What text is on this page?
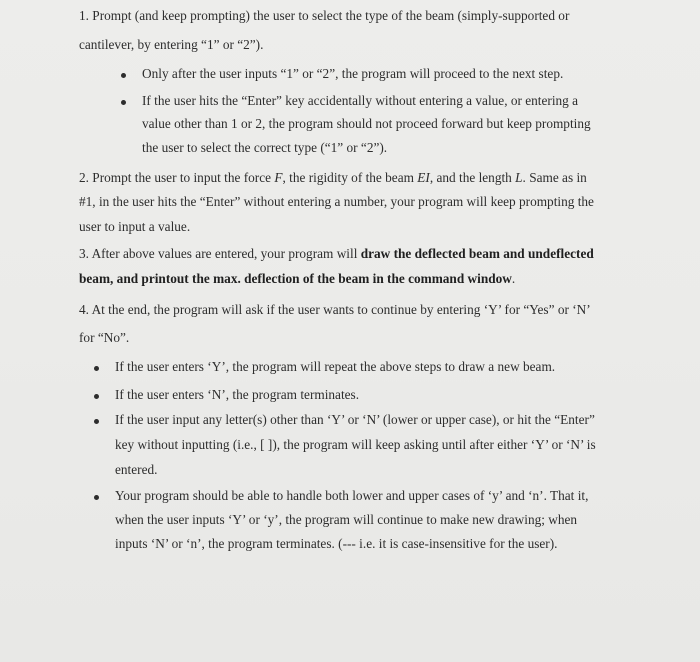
1. Prompt (and keep prompting) the user to select the type of the beam (simply-supported or
cantilever, by entering “1” or “2”).
Only after the user inputs “1” or “2”, the program will proceed to the next step.
If the user hits the “Enter” key accidentally without entering a value, or entering a
value other than 1 or 2, the program should not proceed forward but keep prompting
the user to select the correct type (“1” or “2”).
2. Prompt the user to input the force F, the rigidity of the beam EI, and the length L. Same as in
#1, in the user hits the “Enter” without entering a number, your program will keep prompting the
user to input a value.
3. After above values are entered, your program will draw the deflected beam and undeflected
beam, and printout the max. deflection of the beam in the command window.
4. At the end, the program will ask if the user wants to continue by entering ‘Y’ for “Yes” or ‘N’
for “No”.
If the user enters ‘Y’, the program will repeat the above steps to draw a new beam.
If the user enters ‘N’, the program terminates.
If the user input any letter(s) other than ‘Y’ or ‘N’ (lower or upper case), or hit the “Enter”
key without inputting (i.e., [ ]), the program will keep asking until after either ‘Y’ or ‘N’ is
entered.
Your program should be able to handle both lower and upper cases of ‘y’ and ‘n’. That it,
when the user inputs ‘Y’ or ‘y’, the program will continue to make new drawing; when
inputs ‘N’ or ‘n’, the program terminates. (--- i.e. it is case-insensitive for the user).
